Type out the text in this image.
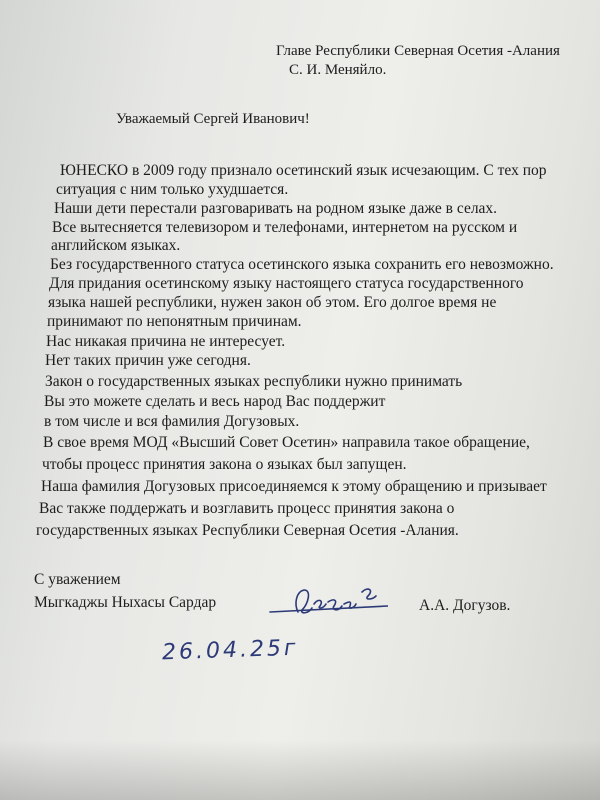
Главе Республики Северная Осетия -Алания
С. И. Меняйло.
Уважаемый Сергей Иванович!
ЮНЕСКО в 2009 году признало осетинский язык исчезающим. С тех пор
ситуация с ним только ухудшается.
Наши дети перестали разговаривать на родном языке даже в селах.
Все вытесняется телевизором и телефонами, интернетом на русском и
английском языках.
Без государственного статуса осетинского языка сохранить его невозможно.
Для придания осетинскому языку настоящего статуса государственного
языка нашей республики, нужен закон об этом. Его долгое время не
принимают по непонятным причинам.
Нас никакая причина не интересует.
Нет таких причин уже сегодня.
Закон о государственных языках республики нужно принимать
Вы это можете сделать и весь народ Вас поддержит
в том числе и вся фамилия Догузовых.
В свое время МОД «Высший Совет Осетин» направила такое обращение,
чтобы процесс принятия закона о языках был запущен.
Наша фамилия Догузовых присоединяемся к этому обращению и призывает
Вас также поддержать и возглавить процесс принятия закона о
государственных языках Республики Северная Осетия -Алания.
С уважением
Мыгкаджы Ныхасы Сардар	А.А. Догузов.
26.04.25г
